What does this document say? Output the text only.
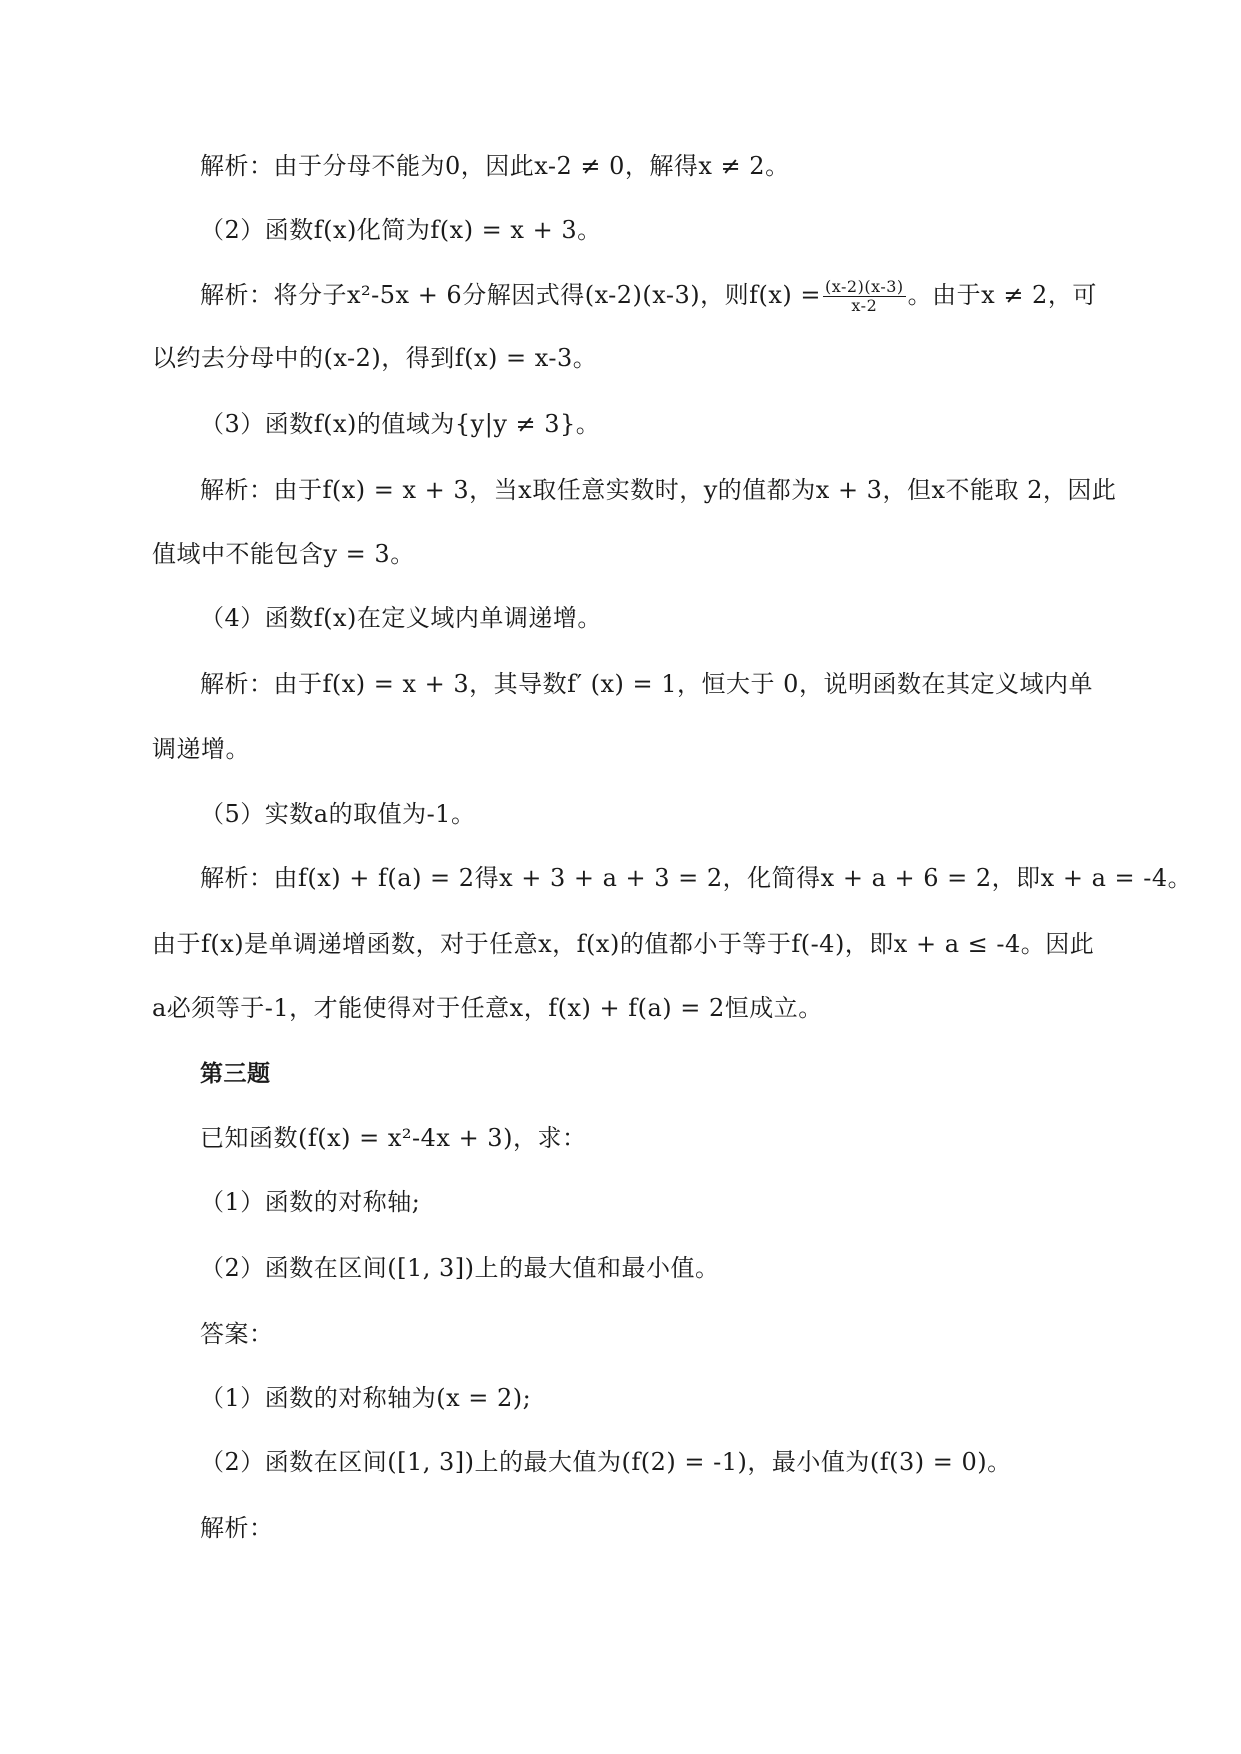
解析：由于分母不能为0，因此x-2 ≠ 0，解得x ≠ 2。
（2）函数f(x)化简为f(x) = x + 3。
解析：将分子x²-5x + 6分解因式得(x-2)(x-3)，则$f(x) = \frac{(x-2)(x-3)}{x-2}$ 。由于x ≠ 2，可
以约去分母中的(x-2)，得到f(x) = x-3。
（3）函数f(x)的值域为{y|y ≠ 3}。
解析：由于f(x) = x + 3，当x取任意实数时，y的值都为x + 3，但x不能取 2，因此
值域中不能包含y = 3。
（4）函数f(x)在定义域内单调递增。
解析：由于f(x) = x + 3，其导数f′ (x) = 1，恒大于 0，说明函数在其定义域内单
调递增。
（5）实数a的取值为-1。
解析：由f(x) + f(a) = 2得x + 3 + a + 3 = 2，化简得x + a + 6 = 2，即x + a = -4。
由于f(x)是单调递增函数，对于任意x，f(x)的值都小于等于f(-4)，即x + a ≤ -4。因此
a必须等于-1，才能使得对于任意x，f(x) + f(a) = 2恒成立。
第三题
已知函数(f(x) = x²-4x + 3)，求：
（1）函数的对称轴;
（2）函数在区间([1, 3])上的最大值和最小值。
答案：
（1）函数的对称轴为(x = 2);
（2）函数在区间([1, 3])上的最大值为(f(2) = -1)，最小值为(f(3) = 0)。
解析：
